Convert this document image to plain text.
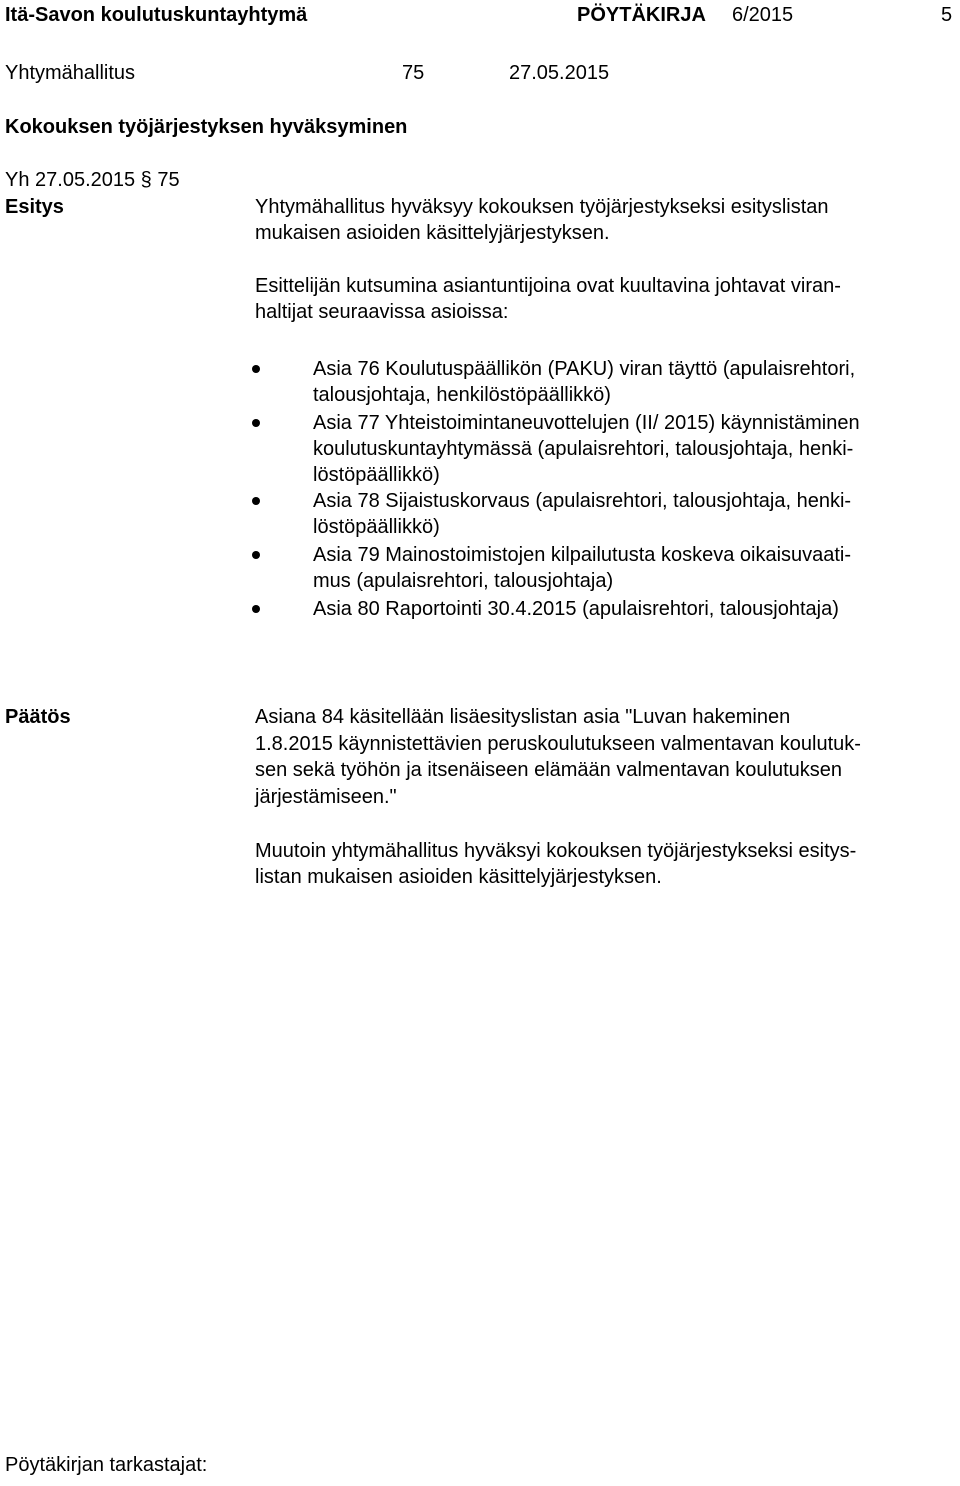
Itä-Savon koulutuskuntayhtymä	PÖYTÄKIRJA 6/2015	5
Yhtymähallitus	75	27.05.2015
Kokouksen työjärjestyksen hyväksyminen
Yh 27.05.2015 § 75
Esitys	Yhtymähallitus hyväksyy kokouksen työjärjestykseksi esityslistan
mukaisen asioiden käsittelyjärjestyksen.
Esittelijän kutsumina asiantuntijoina ovat kuultavina johtavat viran-
haltijat seuraavissa asioissa:
Asia 76 Koulutuspäällikön (PAKU) viran täyttö (apulaisrehtori,
talousjohtaja, henkilöstöpäällikkö)
Asia 77 Yhteistoimintaneuvottelujen (II/ 2015) käynnistäminen
koulutuskuntayhtymässä (apulaisrehtori, talousjohtaja, henki-
löstöpäällikkö)
Asia 78 Sijaistuskorvaus (apulaisrehtori, talousjohtaja, henki-
löstöpäällikkö)
Asia 79 Mainostoimistojen kilpailutusta koskeva oikaisuvaati-
mus (apulaisrehtori, talousjohtaja)
Asia 80 Raportointi 30.4.2015 (apulaisrehtori, talousjohtaja)
Päätös	Asiana 84 käsitellään lisäesityslistan asia "Luvan hakeminen
1.8.2015 käynnistettävien peruskoulutukseen valmentavan koulutuk-
sen sekä työhön ja itsenäiseen elämään valmentavan koulutuksen
järjestämiseen."
Muutoin yhtymähallitus hyväksyi kokouksen työjärjestykseksi esitys-
listan mukaisen asioiden käsittelyjärjestyksen.
Pöytäkirjan tarkastajat:
